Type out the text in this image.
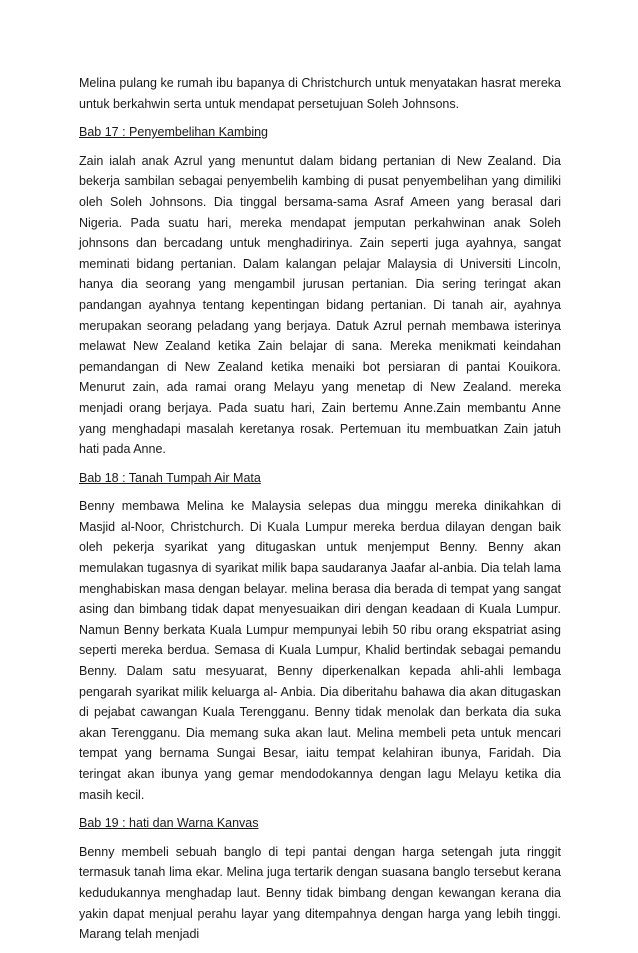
Melina pulang ke rumah ibu bapanya di Christchurch untuk menyatakan hasrat mereka untuk berkahwin serta untuk mendapat persetujuan Soleh Johnsons.

Bab 17 : Penyembelihan Kambing

Zain ialah anak Azrul yang menuntut dalam bidang pertanian di New Zealand. Dia bekerja sambilan sebagai penyembelih kambing di pusat penyembelihan yang dimiliki oleh Soleh Johnsons. Dia tinggal bersama-sama Asraf Ameen yang berasal dari Nigeria. Pada suatu hari, mereka mendapat jemputan perkahwinan anak Soleh johnsons dan bercadang untuk menghadirinya. Zain seperti juga ayahnya, sangat meminati bidang pertanian. Dalam kalangan pelajar Malaysia di Universiti Lincoln, hanya dia seorang yang mengambil jurusan pertanian. Dia sering teringat akan pandangan ayahnya tentang kepentingan bidang pertanian. Di tanah air, ayahnya merupakan seorang peladang yang berjaya. Datuk Azrul pernah membawa isterinya melawat New Zealand ketika Zain belajar di sana. Mereka menikmati keindahan pemandangan di New Zealand ketika menaiki bot persiaran di pantai Kouikora. Menurut zain, ada ramai orang Melayu yang menetap di New Zealand. mereka menjadi orang berjaya. Pada suatu hari, Zain bertemu Anne.Zain membantu Anne yang menghadapi masalah keretanya rosak. Pertemuan itu membuatkan Zain jatuh hati pada Anne.

Bab 18 : Tanah Tumpah Air Mata

Benny membawa Melina ke Malaysia selepas dua minggu mereka dinikahkan di Masjid al-Noor, Christchurch. Di Kuala Lumpur mereka berdua dilayan dengan baik oleh pekerja syarikat yang ditugaskan untuk menjemput Benny. Benny akan memulakan tugasnya di syarikat milik bapa saudaranya Jaafar al-anbia. Dia telah lama menghabiskan masa dengan belayar. melina berasa dia berada di tempat yang sangat asing dan bimbang tidak dapat menyesuaikan diri dengan keadaan di Kuala Lumpur. Namun Benny berkata Kuala Lumpur mempunyai lebih 50 ribu orang ekspatriat asing seperti mereka berdua. Semasa di Kuala Lumpur, Khalid bertindak sebagai pemandu Benny. Dalam satu mesyuarat, Benny diperkenalkan kepada ahli-ahli lembaga pengarah syarikat milik keluarga al- Anbia. Dia diberitahu bahawa dia akan ditugaskan di pejabat cawangan Kuala Terengganu. Benny tidak menolak dan berkata dia suka akan Terengganu. Dia memang suka akan laut. Melina membeli peta untuk mencari tempat yang bernama Sungai Besar, iaitu tempat kelahiran ibunya, Faridah. Dia teringat akan ibunya yang gemar mendodokannya dengan lagu Melayu ketika dia masih kecil.

Bab 19 : hati dan Warna Kanvas

Benny membeli sebuah banglo di tepi pantai dengan harga setengah juta ringgit termasuk tanah lima ekar. Melina juga tertarik dengan suasana banglo tersebut kerana kedudukannya menghadap laut. Benny tidak bimbang dengan kewangan kerana dia yakin dapat menjual perahu layar yang ditempahnya dengan harga yang lebih tinggi. Marang telah menjadi
